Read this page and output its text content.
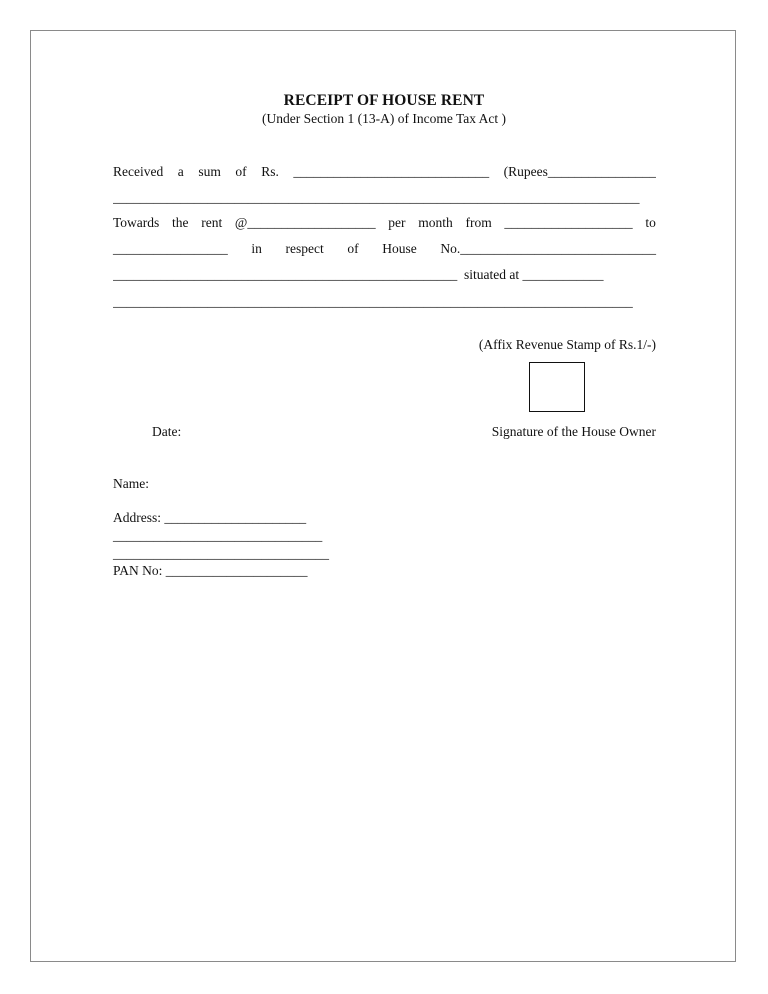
RECEIPT OF HOUSE RENT
(Under Section 1 (13-A) of Income Tax Act )
Received a sum of Rs. _____________________________ (Rupees________________
______________________________________________________________________________
Towards the rent @___________________ per month from ___________________ to
_________________ in respect of House No._____________________________
___________________________________________________  situated at ____________
_____________________________________________________________________________
(Affix Revenue Stamp of Rs.1/-)
Date:	Signature of the House Owner
Name:
Address: _____________________
_______________________________
________________________________
PAN No: _____________________
